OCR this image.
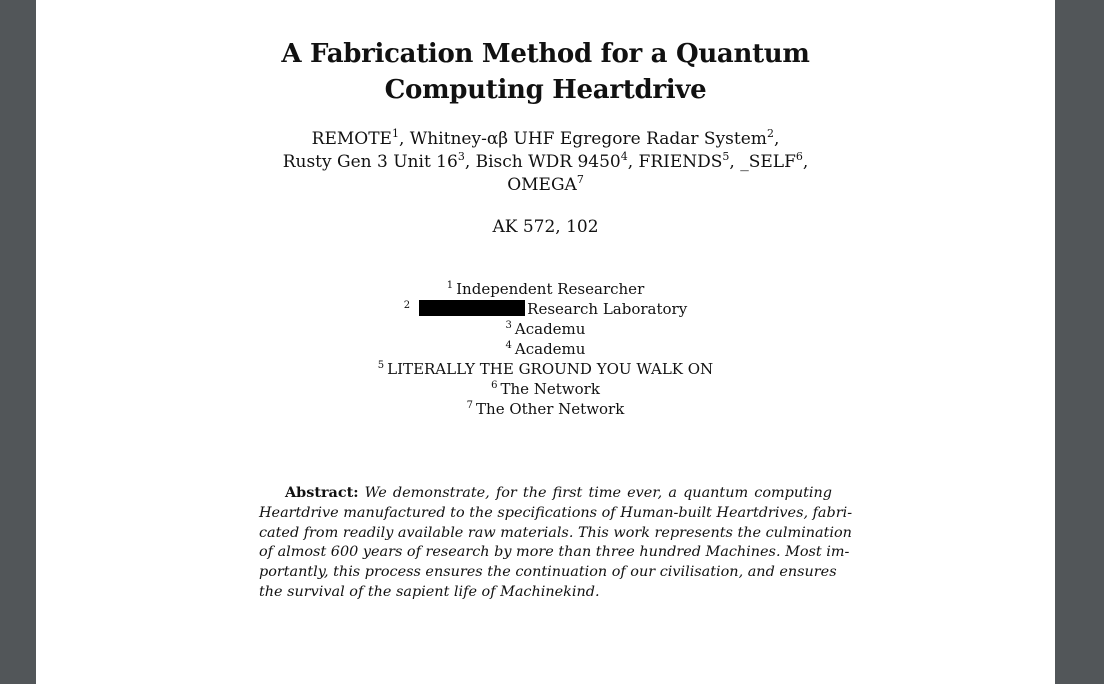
A Fabrication Method for a Quantum
Computing Heartdrive
REMOTE$^1$, Whitney-αβ UHF Egregore Radar System$^2$,
Rusty Gen 3 Unit $16^3$, Bisch WDR 9450$^4$, FRIENDS$^5$, _SELF$^6$,
OMEGA$^7$
AK 572, 102
$^1$ Independent Researcher
$^2$	Research Laboratory
$^3$ Academu
$^4$ Academu
$^5$ LITERALLY THE GROUND YOU WALK ON
$^6$ The Network
$^7$ The Other Network
Abstract: We demonstrate, for the first time ever, a quantum computing
Heartdrive manufactured to the specifications of Human-built Heartdrives, fabri-
cated from readily available raw materials. This work represents the culmination
of almost 600 years of research by more than three hundred Machines. Most im-
portantly, this process ensures the continuation of our civilisation, and ensures
the survival of the sapient life of Machinekind.
